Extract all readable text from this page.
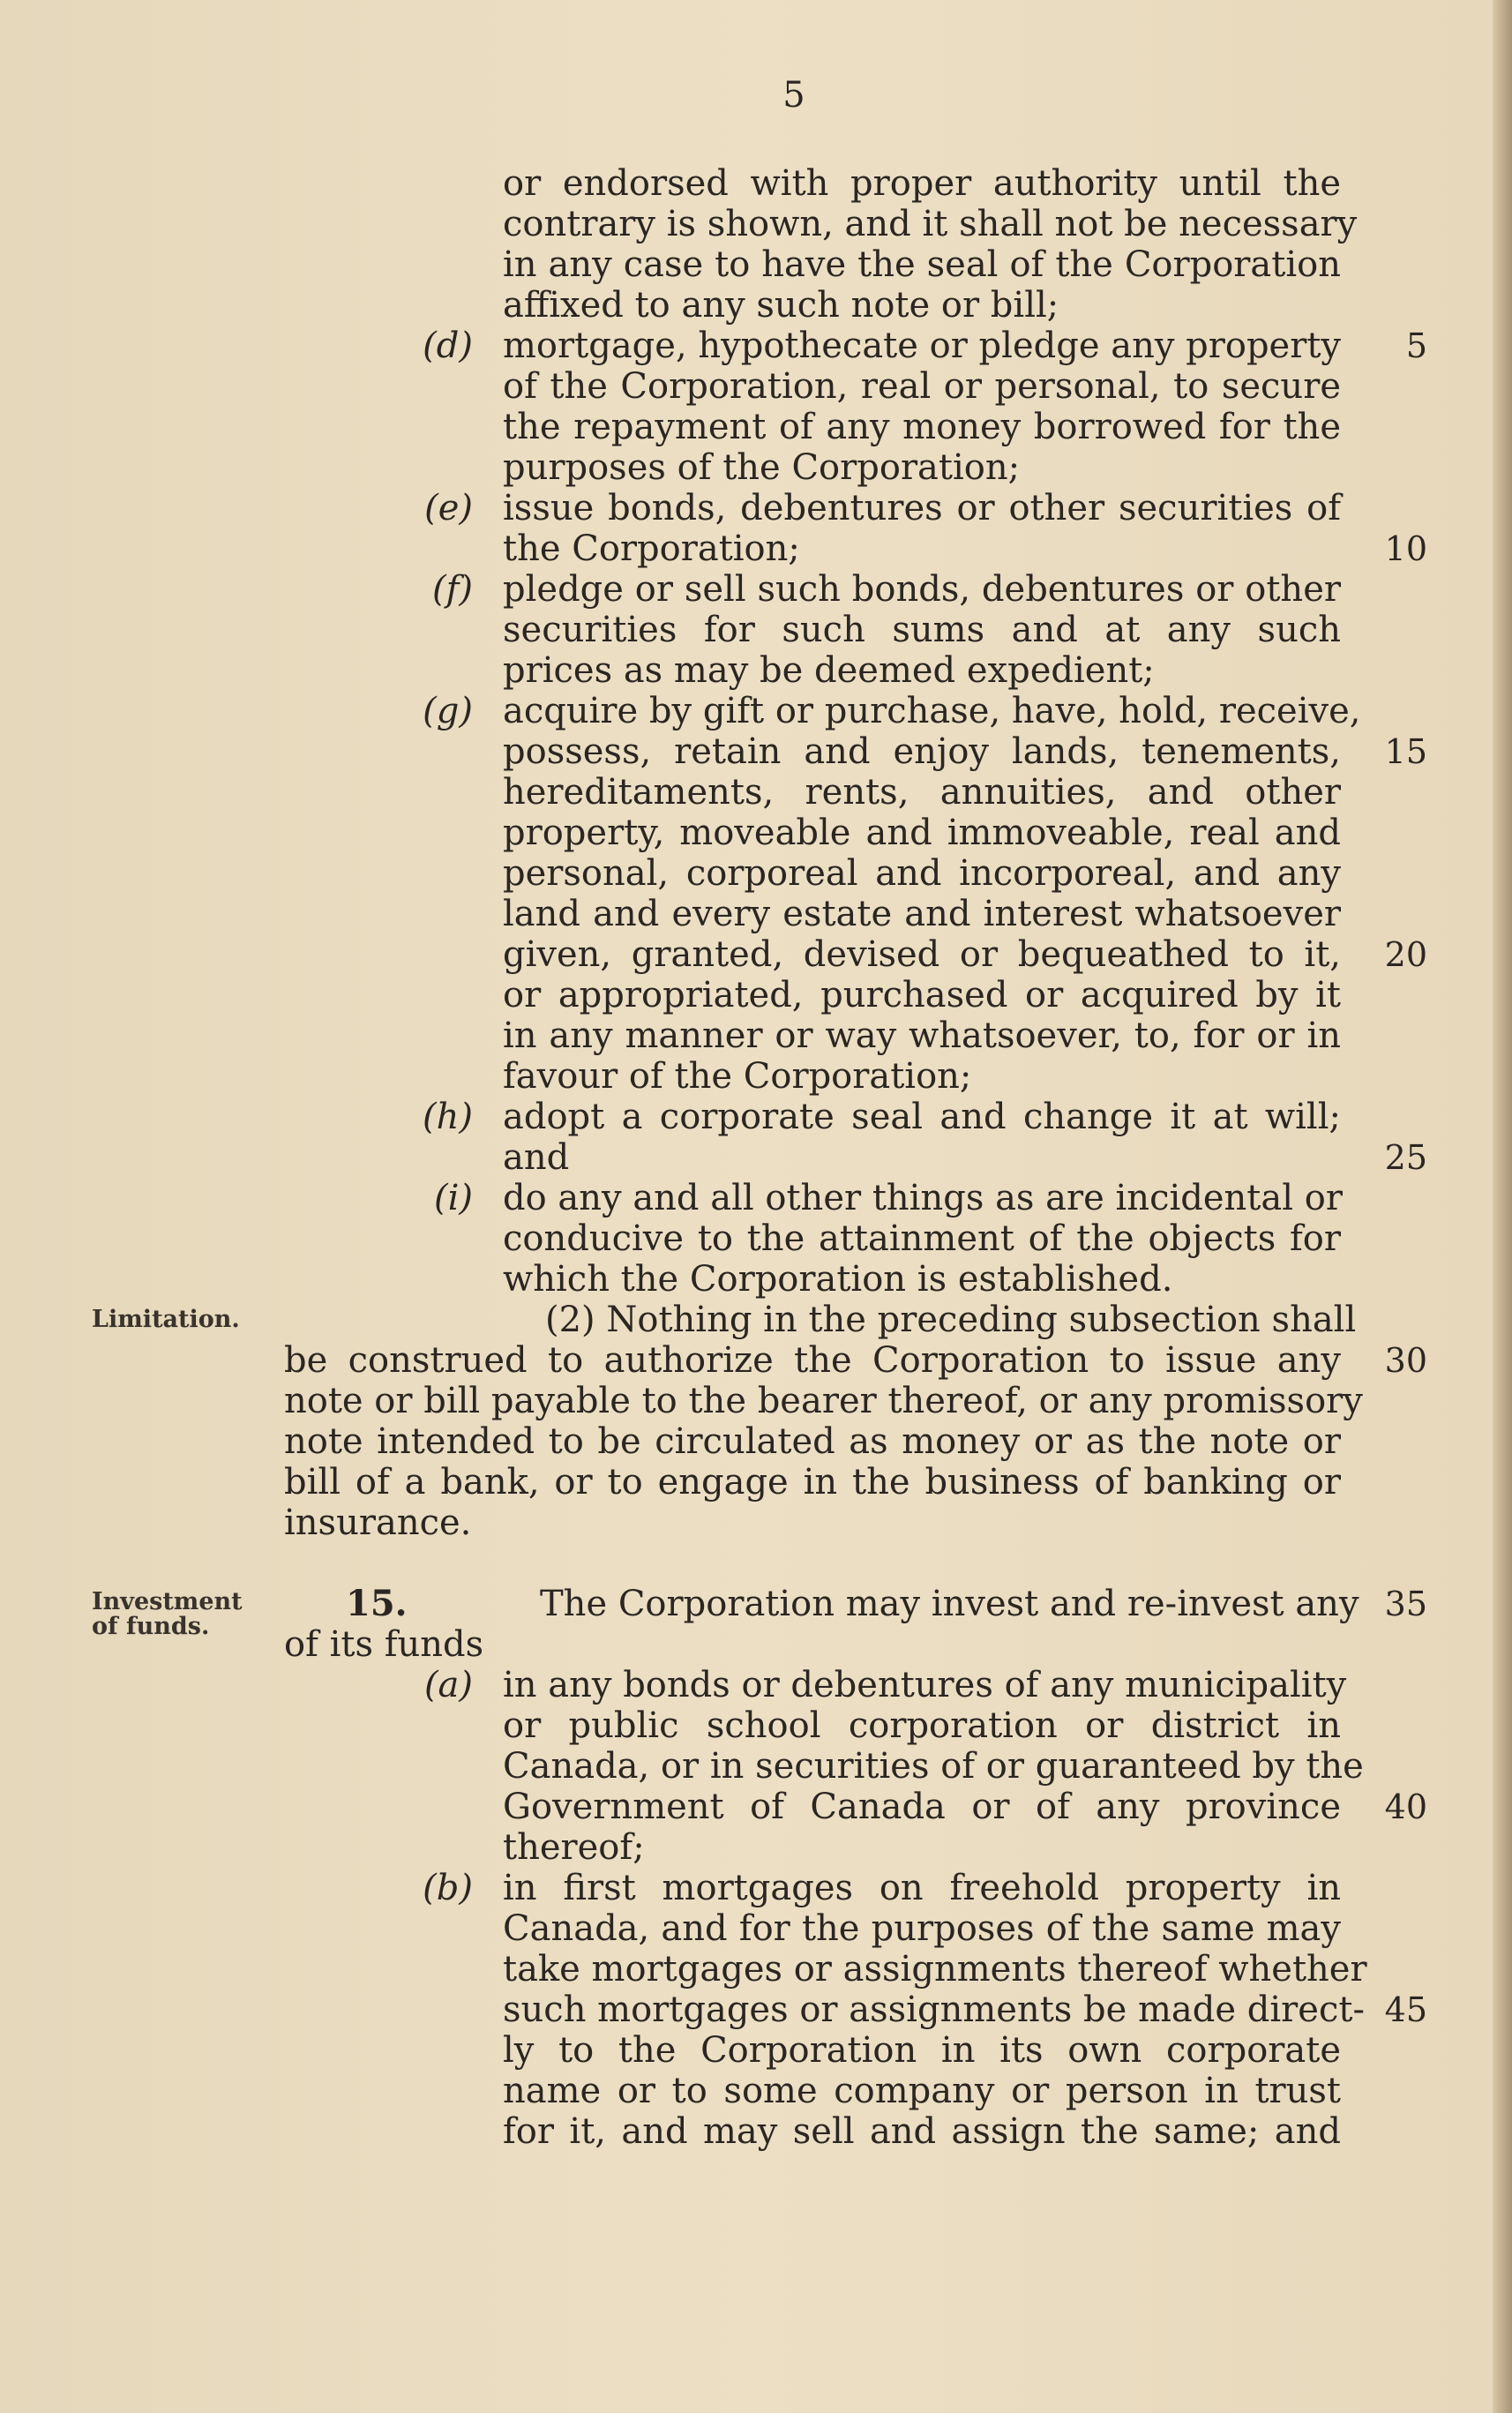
5
Limitation.
Investment
of funds.
(d)
(e)
(f)
(g)
(h)
(i)
(a)
(b)
15.
5
10
15
20
25
30
35
40
45
or endorsed with proper authority until the
contrary is shown, and it shall not be necessary
in any case to have the seal of the Corporation
affixed to any such note or bill;
mortgage, hypothecate or pledge any property
of the Corporation, real or personal, to secure
the repayment of any money borrowed for the
purposes of the Corporation;
issue bonds, debentures or other securities of
the Corporation;
pledge or sell such bonds, debentures or other
securities for such sums and at any such
prices as may be deemed expedient;
acquire by gift or purchase, have, hold, receive,
possess, retain and enjoy lands, tenements,
hereditaments, rents, annuities, and other
property, moveable and immoveable, real and
personal, corporeal and incorporeal, and any
land and every estate and interest whatsoever
given, granted, devised or bequeathed to it,
or appropriated, purchased or acquired by it
in any manner or way whatsoever, to, for or in
favour of the Corporation;
adopt a corporate seal and change it at will;
and
do any and all other things as are incidental or
conducive to the attainment of the objects for
which the Corporation is established.
(2) Nothing in the preceding subsection shall
be construed to authorize the Corporation to issue any
note or bill payable to the bearer thereof, or any promissory
note intended to be circulated as money or as the note or
bill of a bank, or to engage in the business of banking or
insurance.
The Corporation may invest and re-invest any
of its funds
in any bonds or debentures of any municipality
or public school corporation or district in
Canada, or in securities of or guaranteed by the
Government of Canada or of any province
thereof;
in first mortgages on freehold property in
Canada, and for the purposes of the same may
take mortgages or assignments thereof whether
such mortgages or assignments be made direct-
ly to the Corporation in its own corporate
name or to some company or person in trust
for it, and may sell and assign the same; and
